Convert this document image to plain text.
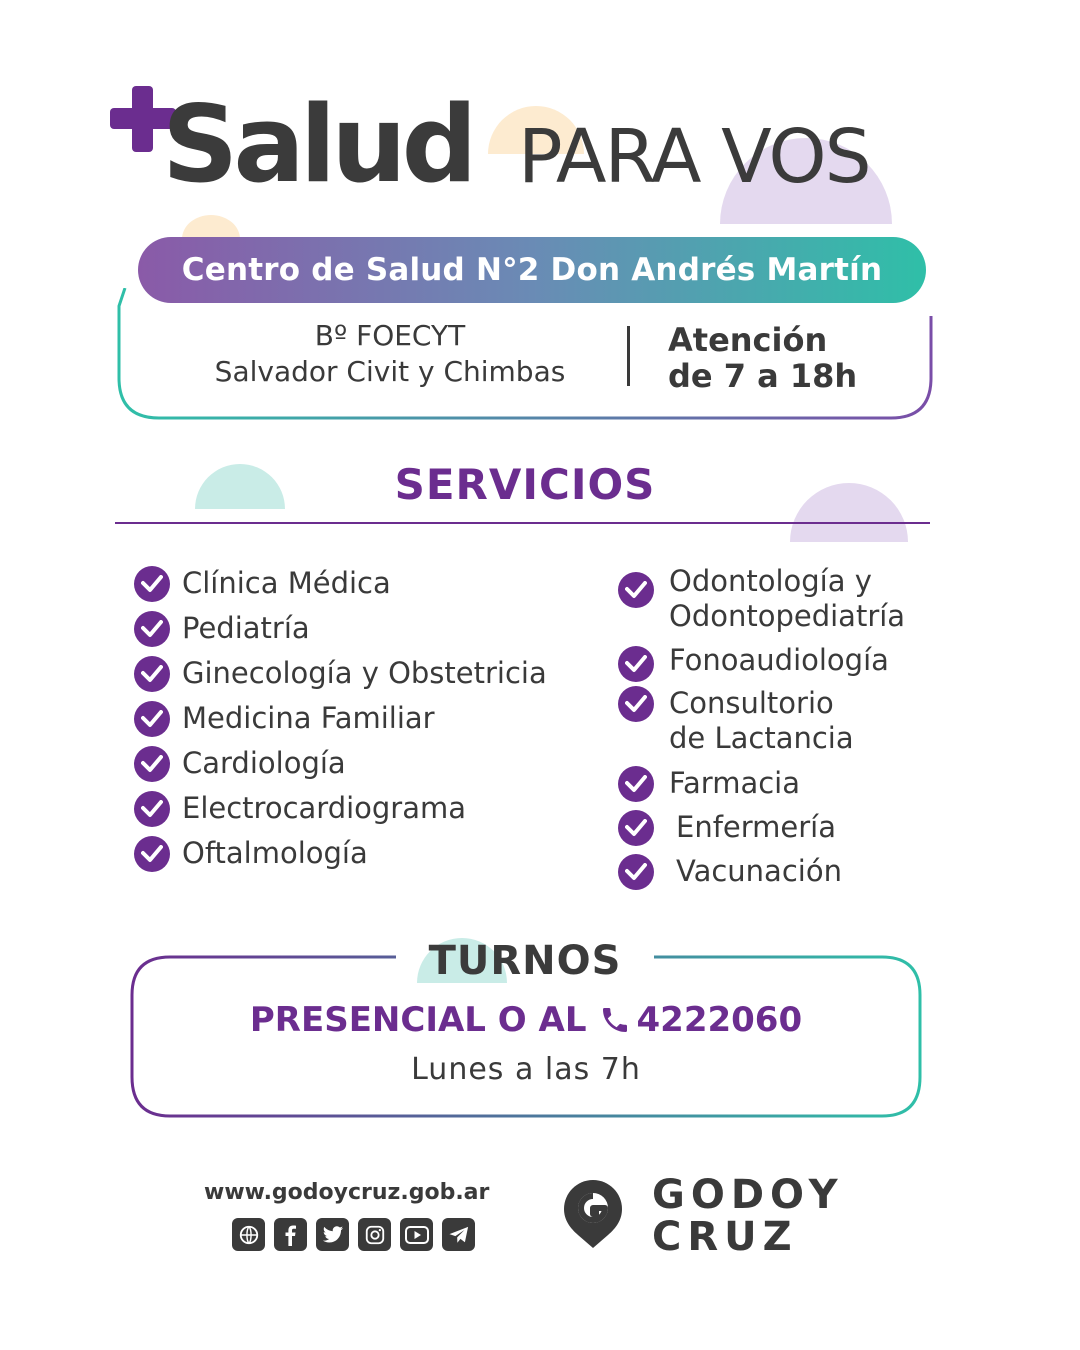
Salud PARA VOS
Centro de Salud N°2 Don Andrés Martín
Bº FOECYT
Salvador Civit y Chimbas
Atención
de 7 a 18h
SERVICIOS
Clínica Médica
Pediatría
Ginecología y Obstetricia
Medicina Familiar
Cardiología
Electrocardiograma
Oftalmología
Odontología y
Odontopediatría
Fonoaudiología
Consultorio
de Lactancia
Farmacia
Enfermería
Vacunación
TURNOS
PRESENCIAL O AL 4222060
Lunes a las 7h
www.godoycruz.gob.ar	GODOY
CRUZ
